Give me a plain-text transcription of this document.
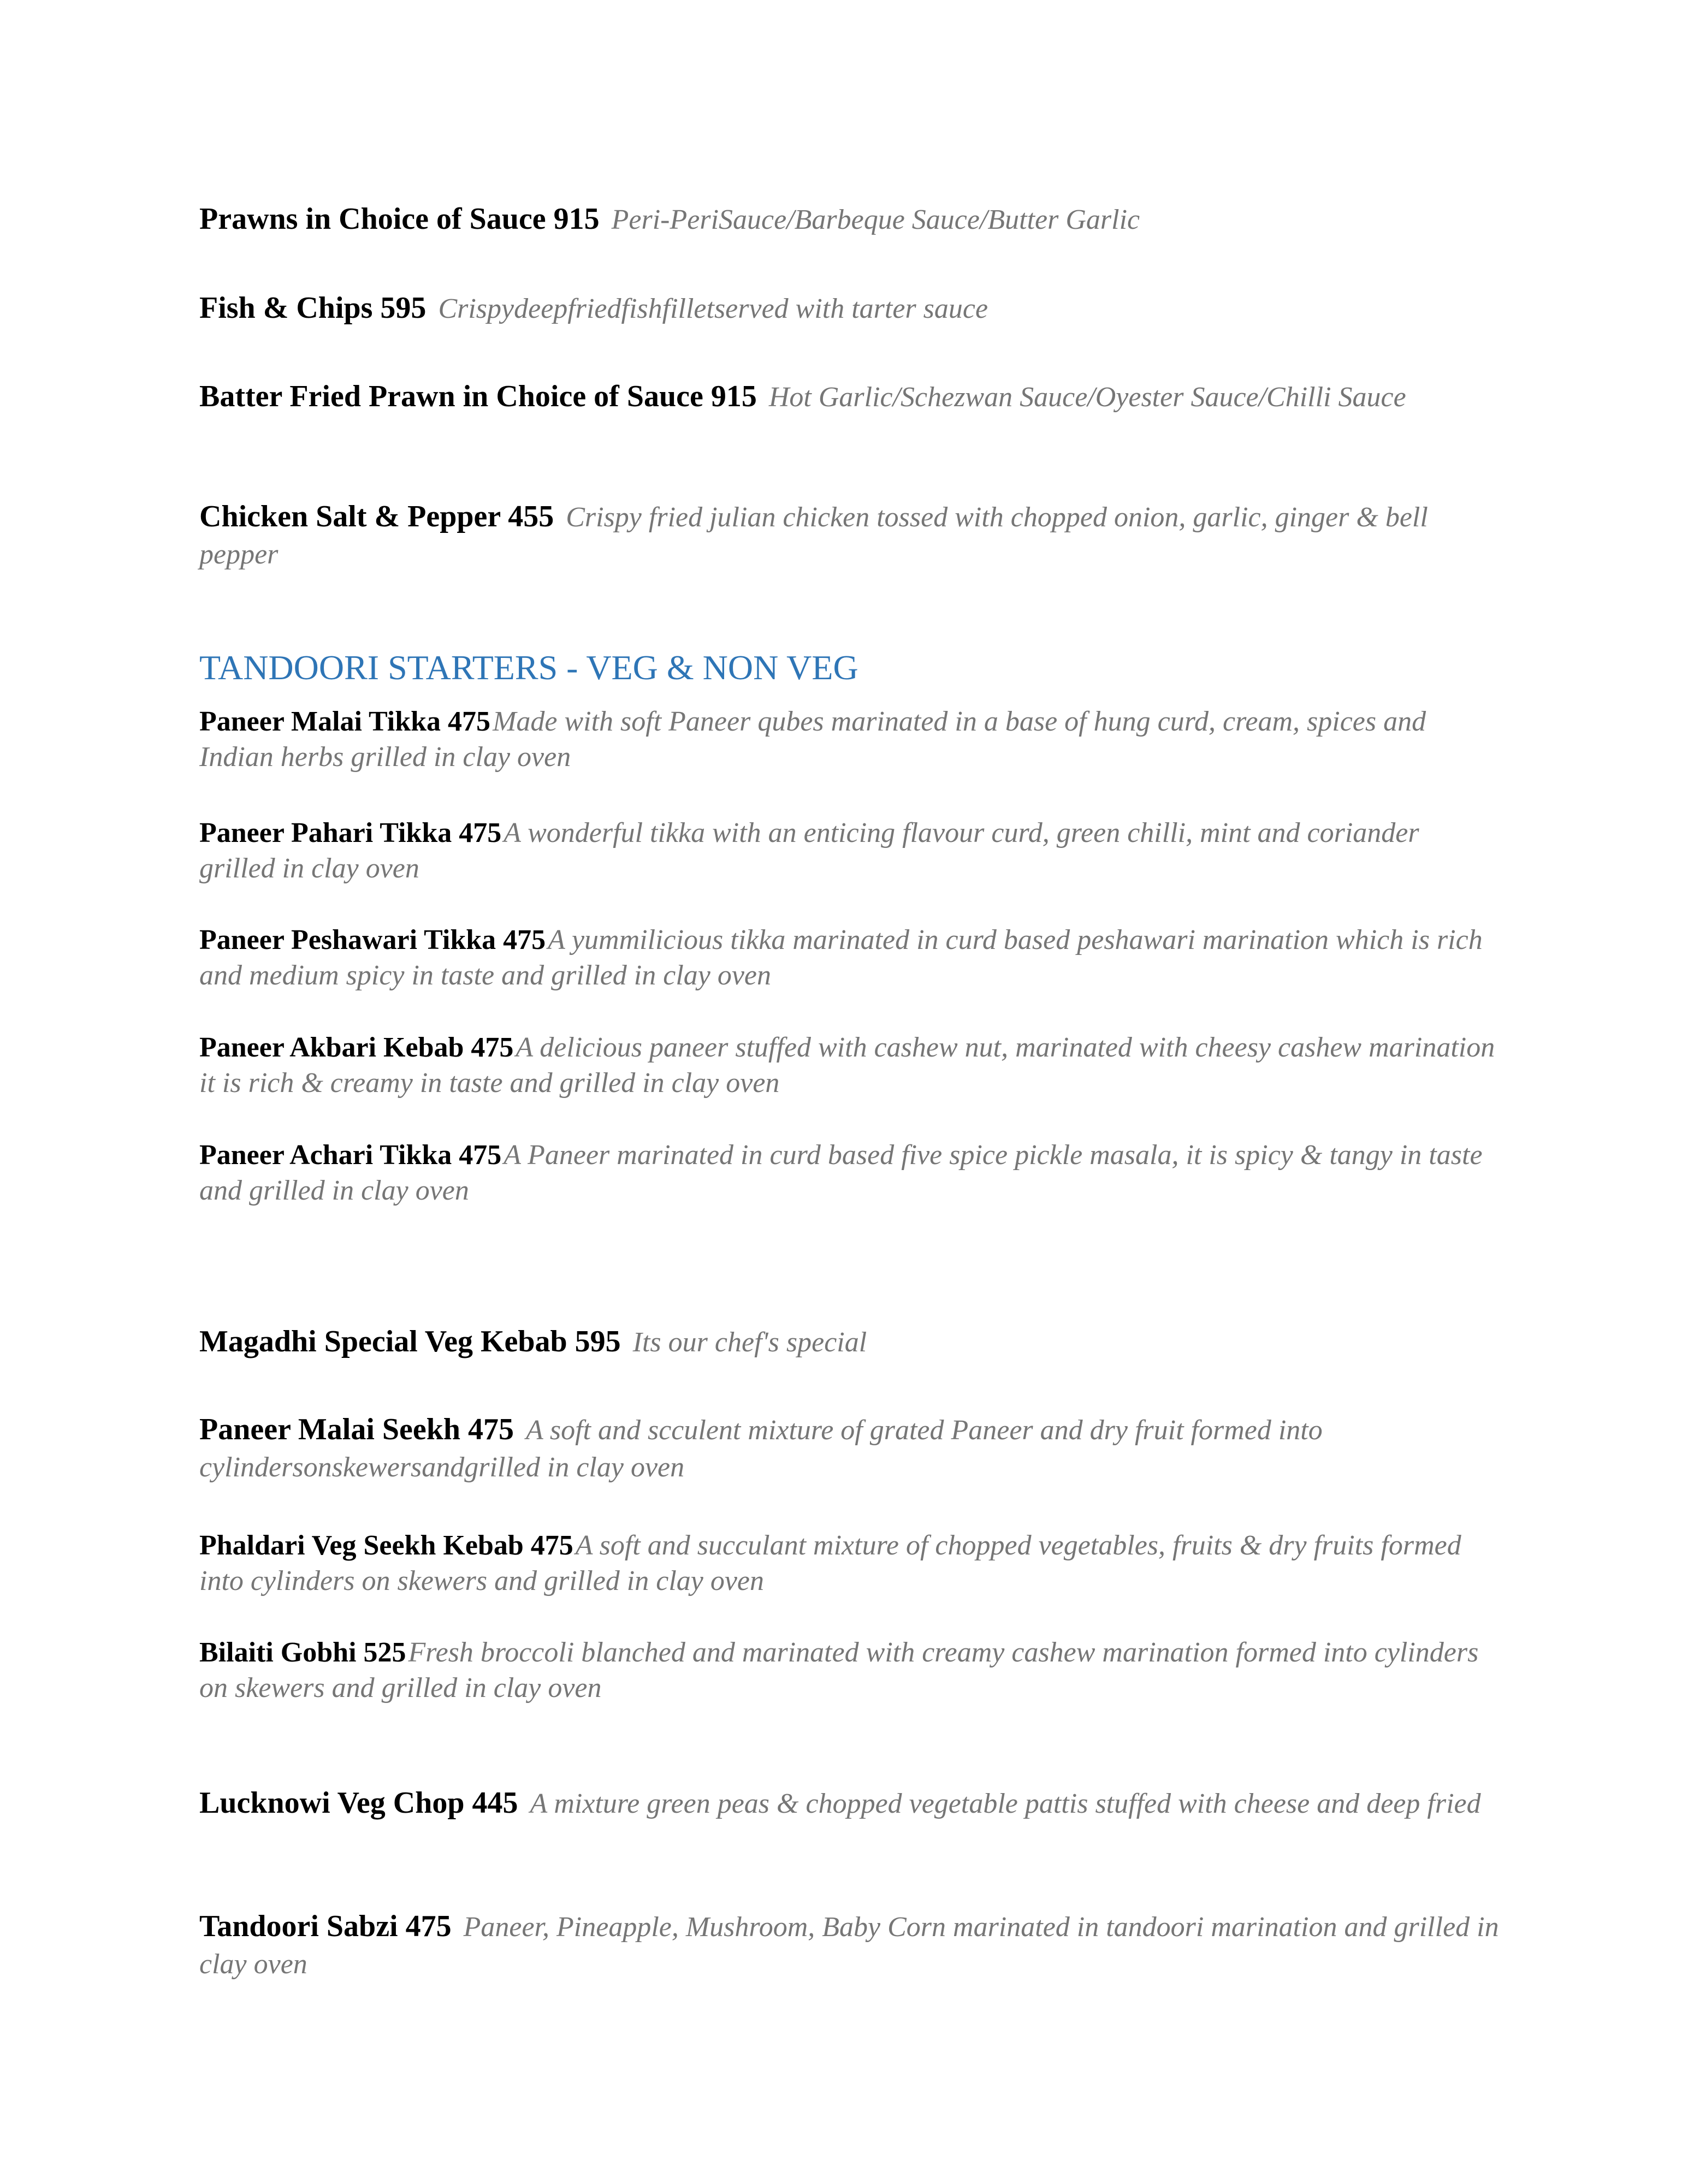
Prawns in Choice of Sauce 915 Peri-PeriSauce/Barbeque Sauce/Butter Garlic

Fish & Chips 595 Crispydeepfriedfishfilletserved with tarter sauce

Batter Fried Prawn in Choice of Sauce 915 Hot Garlic/Schezwan Sauce/Oyester Sauce/Chilli Sauce

Chicken Salt & Pepper 455 Crispy fried julian chicken tossed with chopped onion, garlic, ginger & bell pepper

TANDOORI STARTERS - VEG & NON VEG

Paneer Malai Tikka 475Made with soft Paneer qubes marinated in a base of hung curd, cream, spices and Indian herbs grilled in clay oven

Paneer Pahari Tikka 475A wonderful tikka with an enticing flavour curd, green chilli, mint and coriander grilled in clay oven

Paneer Peshawari Tikka 475A yummilicious tikka marinated in curd based peshawari marination which is rich and medium spicy in taste and grilled in clay oven

Paneer Akbari Kebab 475A delicious paneer stuffed with cashew nut, marinated with cheesy cashew marination it is rich & creamy in taste and grilled in clay oven

Paneer Achari Tikka 475A Paneer marinated in curd based five spice pickle masala, it is spicy & tangy in taste and grilled in clay oven

Magadhi Special Veg Kebab 595 Its our chef's special

Paneer Malai Seekh 475 A soft and scculent mixture of grated Paneer and dry fruit formed into cylindersonskewersandgrilled in clay oven

Phaldari Veg Seekh Kebab 475A soft and succulant mixture of chopped vegetables, fruits & dry fruits formed into cylinders on skewers and grilled in clay oven

Bilaiti Gobhi 525Fresh broccoli blanched and marinated with creamy cashew marination formed into cylinders on skewers and grilled in clay oven

Lucknowi Veg Chop 445 A mixture green peas & chopped vegetable pattis stuffed with cheese and deep fried

Tandoori Sabzi 475 Paneer, Pineapple, Mushroom, Baby Corn marinated in tandoori marination and grilled in clay oven
